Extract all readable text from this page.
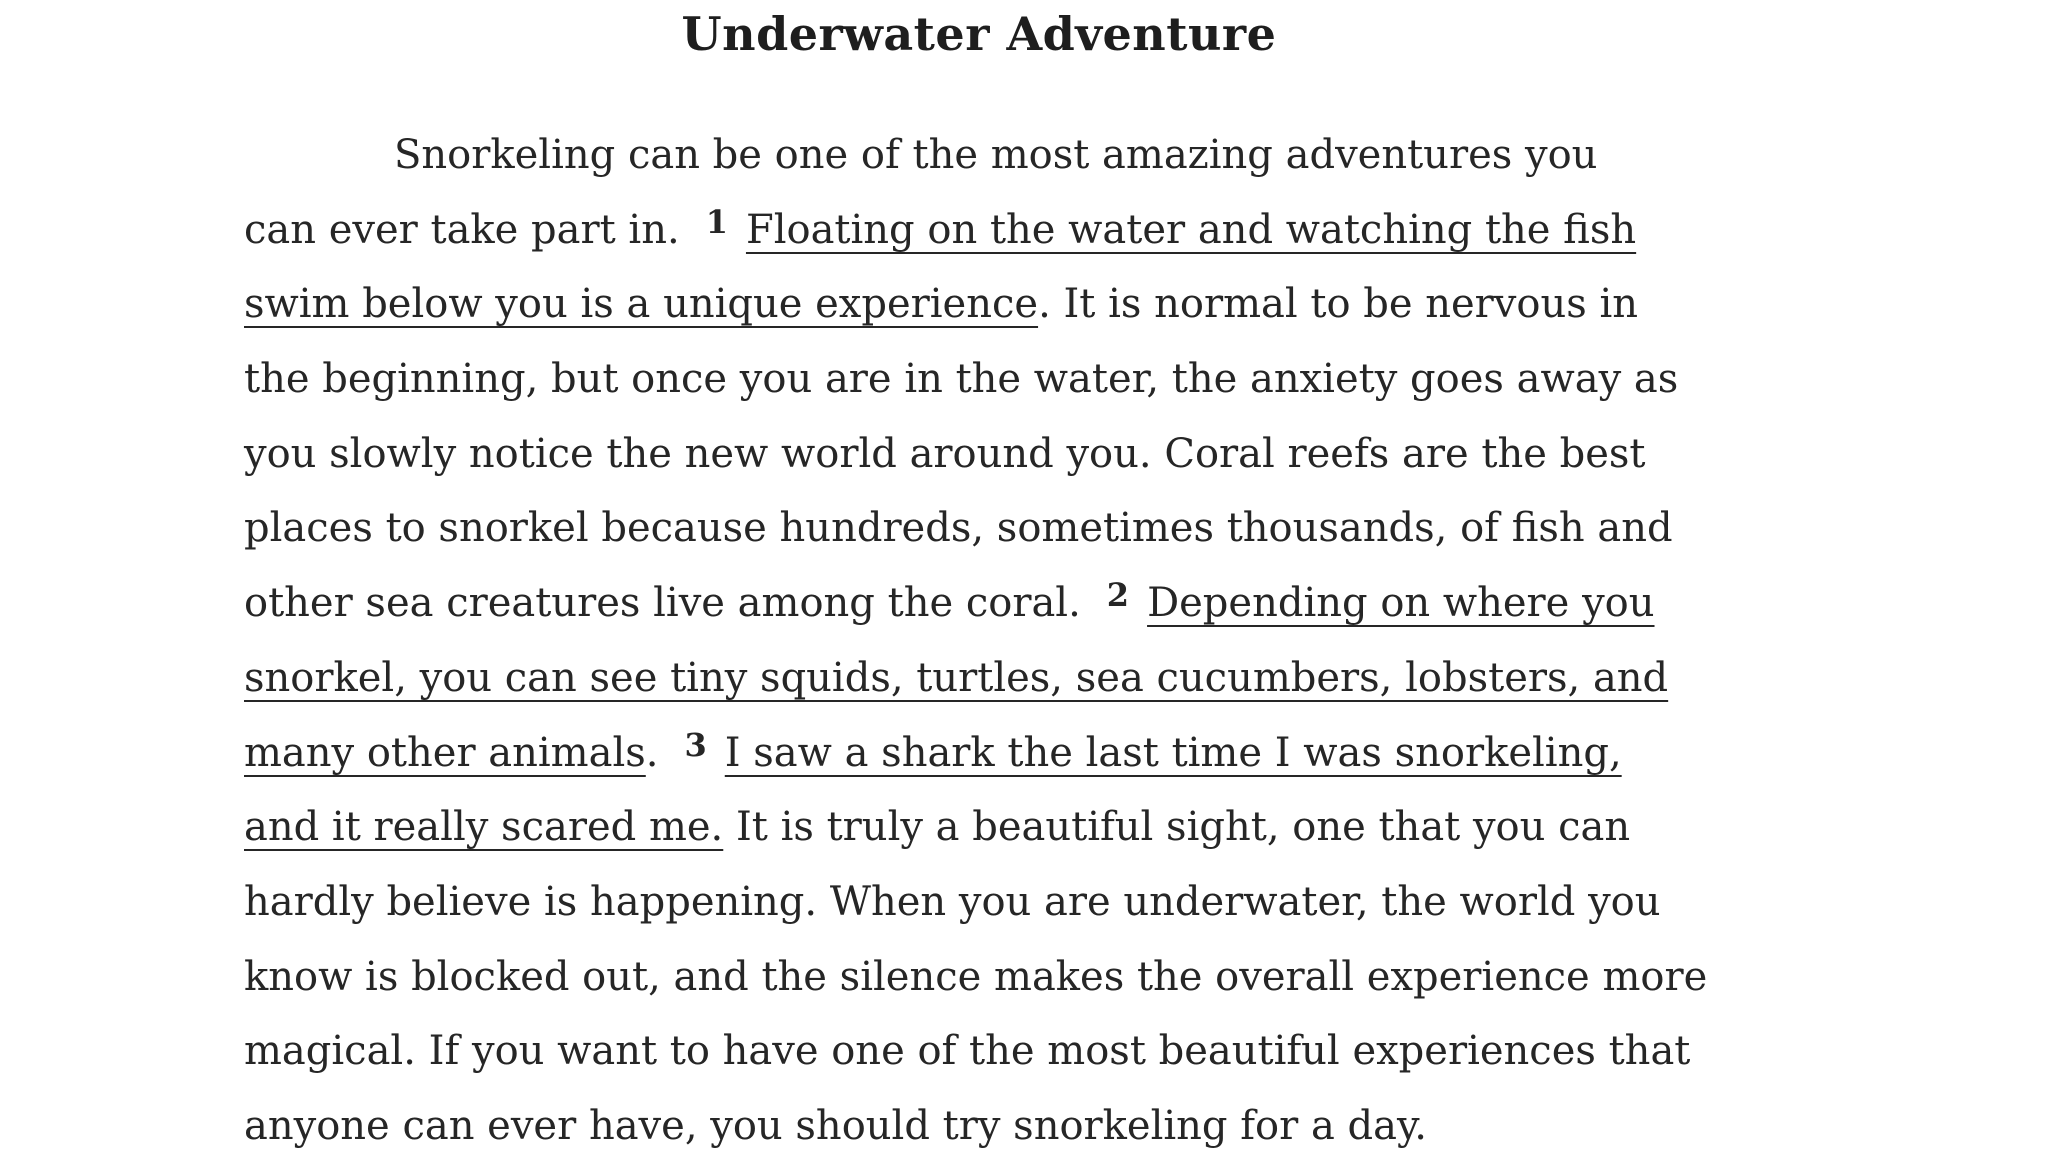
Underwater Adventure
Snorkeling can be one of the most amazing adventures you
can ever take part in. 1 Floating on the water and watching the fish
swim below you is a unique experience. It is normal to be nervous in
the beginning, but once you are in the water, the anxiety goes away as
you slowly notice the new world around you. Coral reefs are the best
places to snorkel because hundreds, sometimes thousands, of fish and
other sea creatures live among the coral. 2 Depending on where you
snorkel, you can see tiny squids, turtles, sea cucumbers, lobsters, and
many other animals. 3 I saw a shark the last time I was snorkeling,
and it really scared me. It is truly a beautiful sight, one that you can
hardly believe is happening. When you are underwater, the world you
know is blocked out, and the silence makes the overall experience more
magical. If you want to have one of the most beautiful experiences that
anyone can ever have, you should try snorkeling for a day.
